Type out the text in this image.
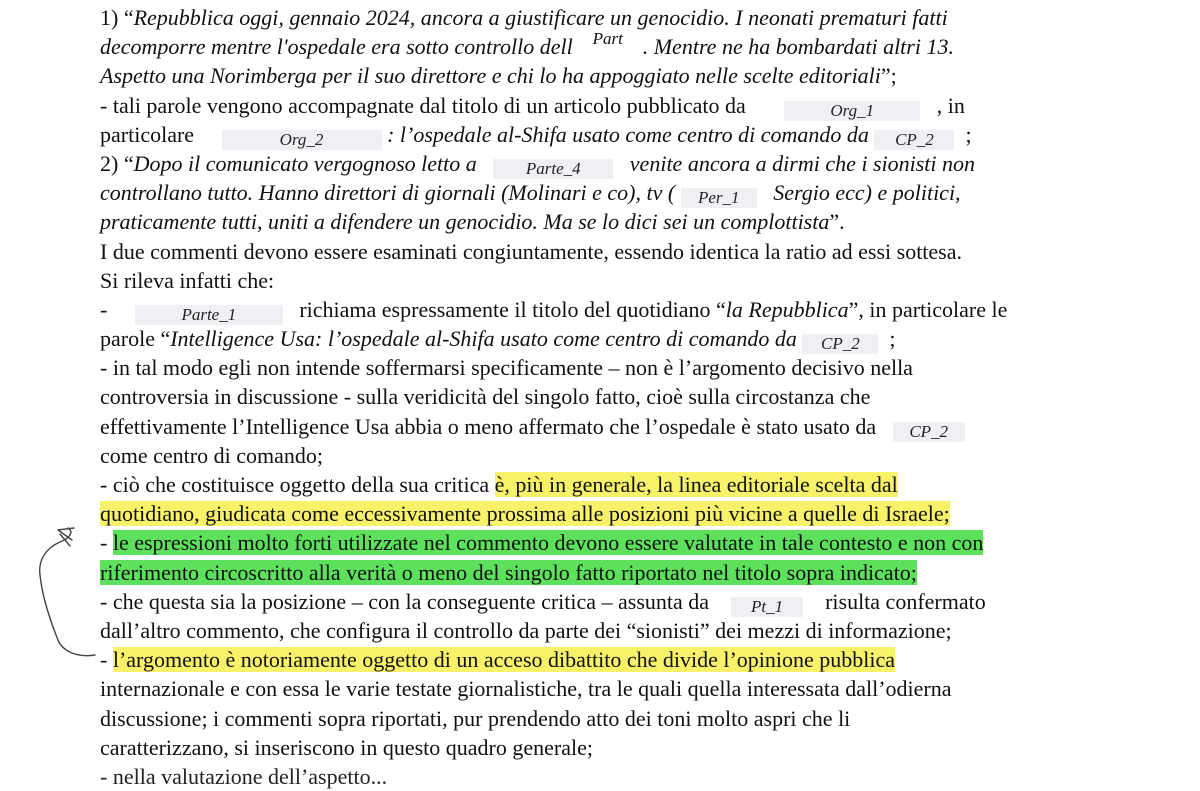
1) “Repubblica oggi, gennaio 2024, ancora a giustificare un genocidio. I neonati prematuri fatti
decomporre mentre l'ospedale era sotto controllo dell	Part . Mentre ne ha bombardati altri 13.
Aspetto una Norimberga per il suo direttore e chi lo ha appoggiato nelle scelte editoriali”;
- tali parole vengono accompagnate dal titolo di un articolo pubblicato da	Org_1	, in
particolare	Org_2	: l’ospedale al-Shifa usato come centro di comando da CP_2 ;
2) “Dopo il comunicato vergognoso letto a	Parte_4 venite ancora a dirmi che i sionisti non
controllano tutto. Hanno direttori di giornali (Molinari e co), tv ( Per_1 Sergio ecc) e politici,
praticamente tutti, uniti a difendere un genocidio. Ma se lo dici sei un complottista”.
I due commenti devono essere esaminati congiuntamente, essendo identica la ratio ad essi sottesa.
Si rileva infatti che:
-	Parte_1	richiama espressamente il titolo del quotidiano “la Repubblica”, in particolare le
parole “Intelligence Usa: l’ospedale al-Shifa usato come centro di comando da CP_2 ;
- in tal modo egli non intende soffermarsi specificamente – non è l’argomento decisivo nella
controversia in discussione - sulla veridicità del singolo fatto, cioè sulla circostanza che
effettivamente l’Intelligence Usa abbia o meno affermato che l’ospedale è stato usato da CP_2
come centro di comando;
- ciò che costituisce oggetto della sua critica è, più in generale, la linea editoriale scelta dal
quotidiano, giudicata come eccessivamente prossima alle posizioni più vicine a quelle di Israele;
- le espressioni molto forti utilizzate nel commento devono essere valutate in tale contesto e non con
riferimento circoscritto alla verità o meno del singolo fatto riportato nel titolo sopra indicato;
- che questa sia la posizione – con la conseguente critica – assunta da Pt_1 risulta confermato
dall’altro commento, che configura il controllo da parte dei “sionisti” dei mezzi di informazione;
- l’argomento è notoriamente oggetto di un acceso dibattito che divide l’opinione pubblica
internazionale e con essa le varie testate giornalistiche, tra le quali quella interessata dall’odierna
discussione; i commenti sopra riportati, pur prendendo atto dei toni molto aspri che li
caratterizzano, si inseriscono in questo quadro generale;
- nella valutazione dell’aspetto...
